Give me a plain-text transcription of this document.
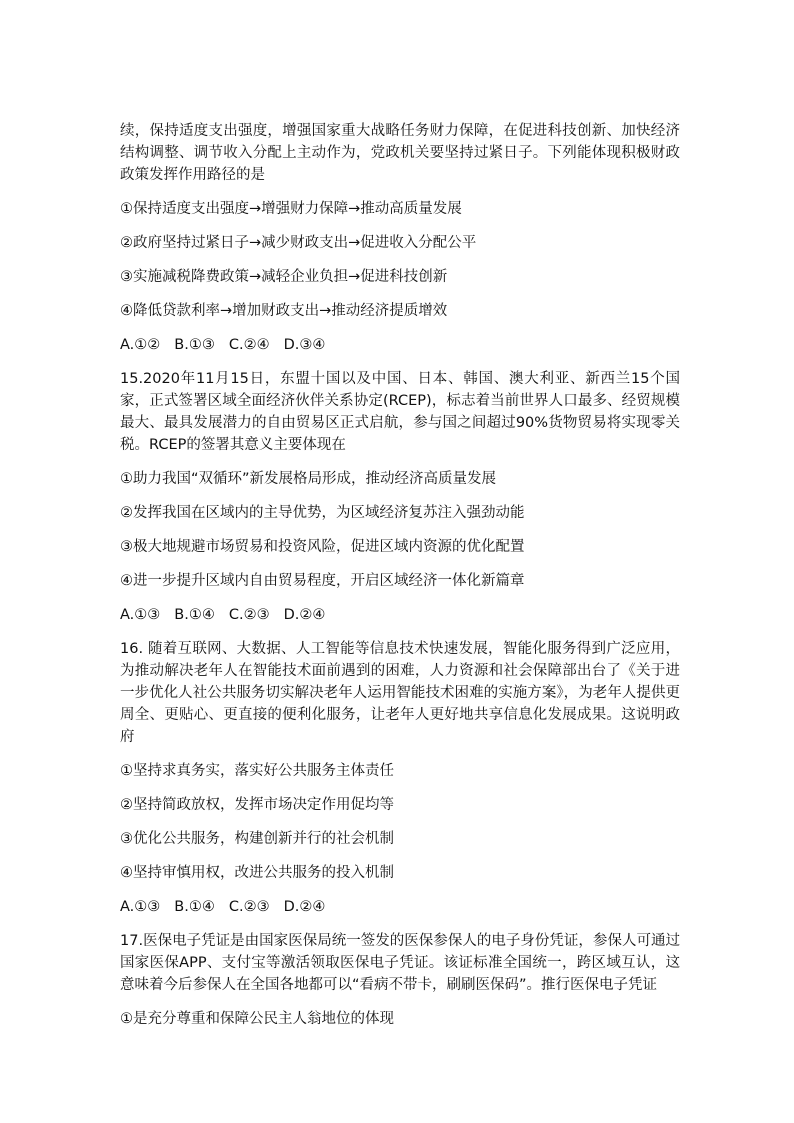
续，保持适度支出强度，增强国家重大战略任务财力保障，在促进科技创新、加快经济结构调整、调节收入分配上主动作为，党政机关要坚持过紧日子。下列能体现积极财政政策发挥作用路径的是

①保持适度支出强度→增强财力保障→推动高质量发展

②政府坚持过紧日子→减少财政支出→促进收入分配公平

③实施减税降费政策→减轻企业负担→促进科技创新

④降低贷款利率→增加财政支出→推动经济提质增效

A.①② B.①③ C.②④ D.③④

15.2020年11月15日，东盟十国以及中国、日本、韩国、澳大利亚、新西兰15个国家，正式签署区域全面经济伙伴关系协定(RCEP)，标志着当前世界人口最多、经贸规模最大、最具发展潜力的自由贸易区正式启航，参与国之间超过90%货物贸易将实现零关税。RCEP的签署其意义主要体现在

①助力我国“双循环”新发展格局形成，推动经济高质量发展

②发挥我国在区域内的主导优势，为区域经济复苏注入强劲动能

③极大地规避市场贸易和投资风险，促进区域内资源的优化配置

④进一步提升区域内自由贸易程度，开启区域经济一体化新篇章

A.①③ B.①④ C.②③ D.②④

16. 随着互联网、大数据、人工智能等信息技术快速发展，智能化服务得到广泛应用，为推动解决老年人在智能技术面前遇到的困难，人力资源和社会保障部出台了《关于进一步优化人社公共服务切实解决老年人运用智能技术困难的实施方案》，为老年人提供更周全、更贴心、更直接的便利化服务，让老年人更好地共享信息化发展成果。这说明政府

①坚持求真务实，落实好公共服务主体责任

②坚持简政放权，发挥市场决定作用促均等

③优化公共服务，构建创新并行的社会机制

④坚持审慎用权，改进公共服务的投入机制

A.①③ B.①④ C.②③ D.②④

17.医保电子凭证是由国家医保局统一签发的医保参保人的电子身份凭证，参保人可通过国家医保APP、支付宝等激活领取医保电子凭证。该证标准全国统一，跨区域互认，这意味着今后参保人在全国各地都可以“看病不带卡，刷刷医保码”。推行医保电子凭证

①是充分尊重和保障公民主人翁地位的体现
